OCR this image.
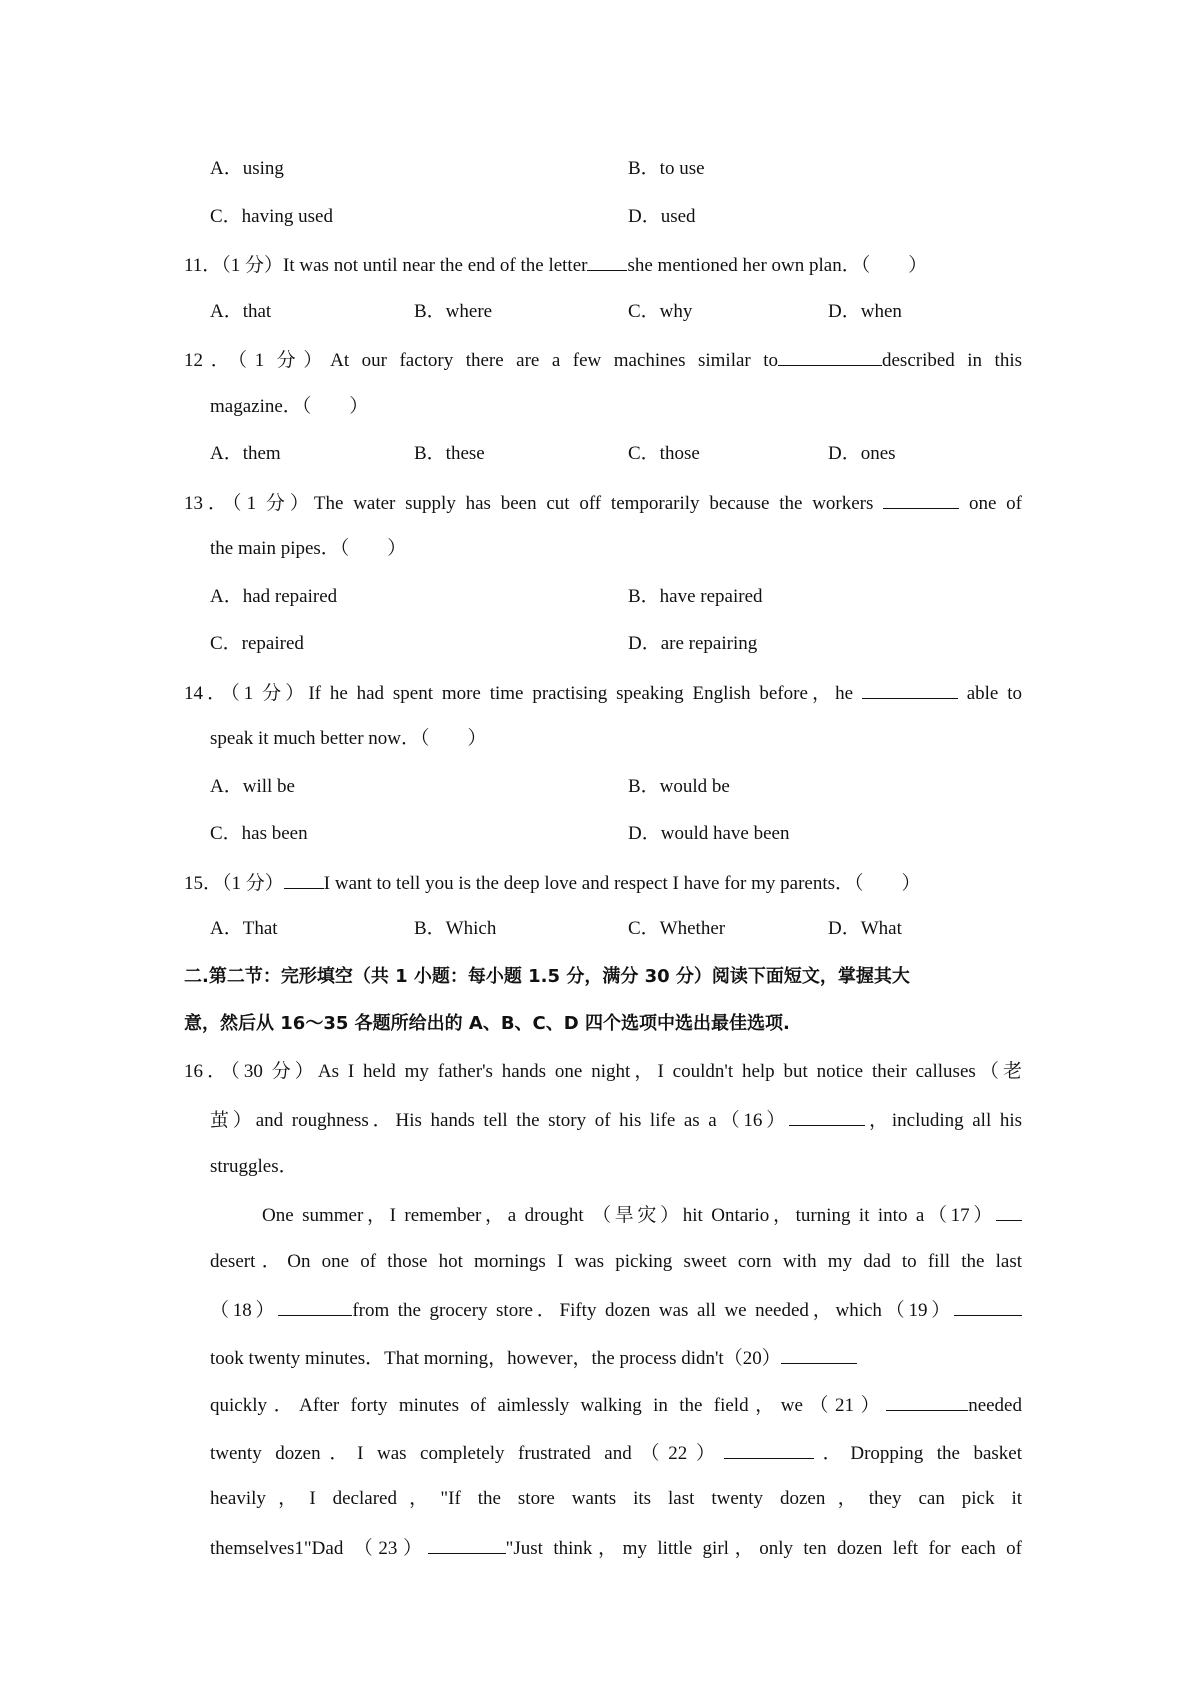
A．using	B．to use
C．having used	D．used
11．（1 分）It was not until near the end of the letter she mentioned her own plan．（　　）
A．that	B．where	C．why	D．when
12．（1 分）At our factory there are a few machines similar to	described in this
magazine．（　　）
A．them	B．these	C．those	D．ones
13．（1 分）The water supply has been cut off temporarily because the workers	one of
the main pipes．（　　）
A．had repaired	B．have repaired
C．repaired	D．are repairing
14．（1 分）If he had spent more time practising speaking English before，he	able to
speak it much better now．（　　）
A．will be	B．would be
C．has been	D．would have been
15．（1 分） I want to tell you is the deep love and respect I have for my parents．（　　）
A．That	B．Which	C．Whether	D．What
二.第二节：完形填空（共 1 小题：每小题 1.5 分，满分 30 分）阅读下面短文，掌握其大
意，然后从 16～35 各题所给出的 A、B、C、D 四个选项中选出最佳选项.
16．（30 分）As I held my father's hands one night，I couldn't help but notice their calluses（老
茧）and roughness．His hands tell the story of his life as a（16）	，including all his
struggles．
One summer，I remember，a drought （旱灾）hit Ontario，turning it into a（17）
desert．On one of those hot mornings I was picking sweet corn with my dad to fill the last
（18）	from the grocery store．Fifty dozen was all we needed，which（19）
took twenty minutes．That morning，however，the process didn't（20）
quickly．After forty minutes of aimlessly walking in the field，we（21）	needed
twenty dozen．I was completely frustrated and（22）	．Dropping the basket
heavily，I declared，"If the store wants its last twenty dozen，they can pick it
themselves1"Dad （23）	"Just think，my little girl，only ten dozen left for each of
